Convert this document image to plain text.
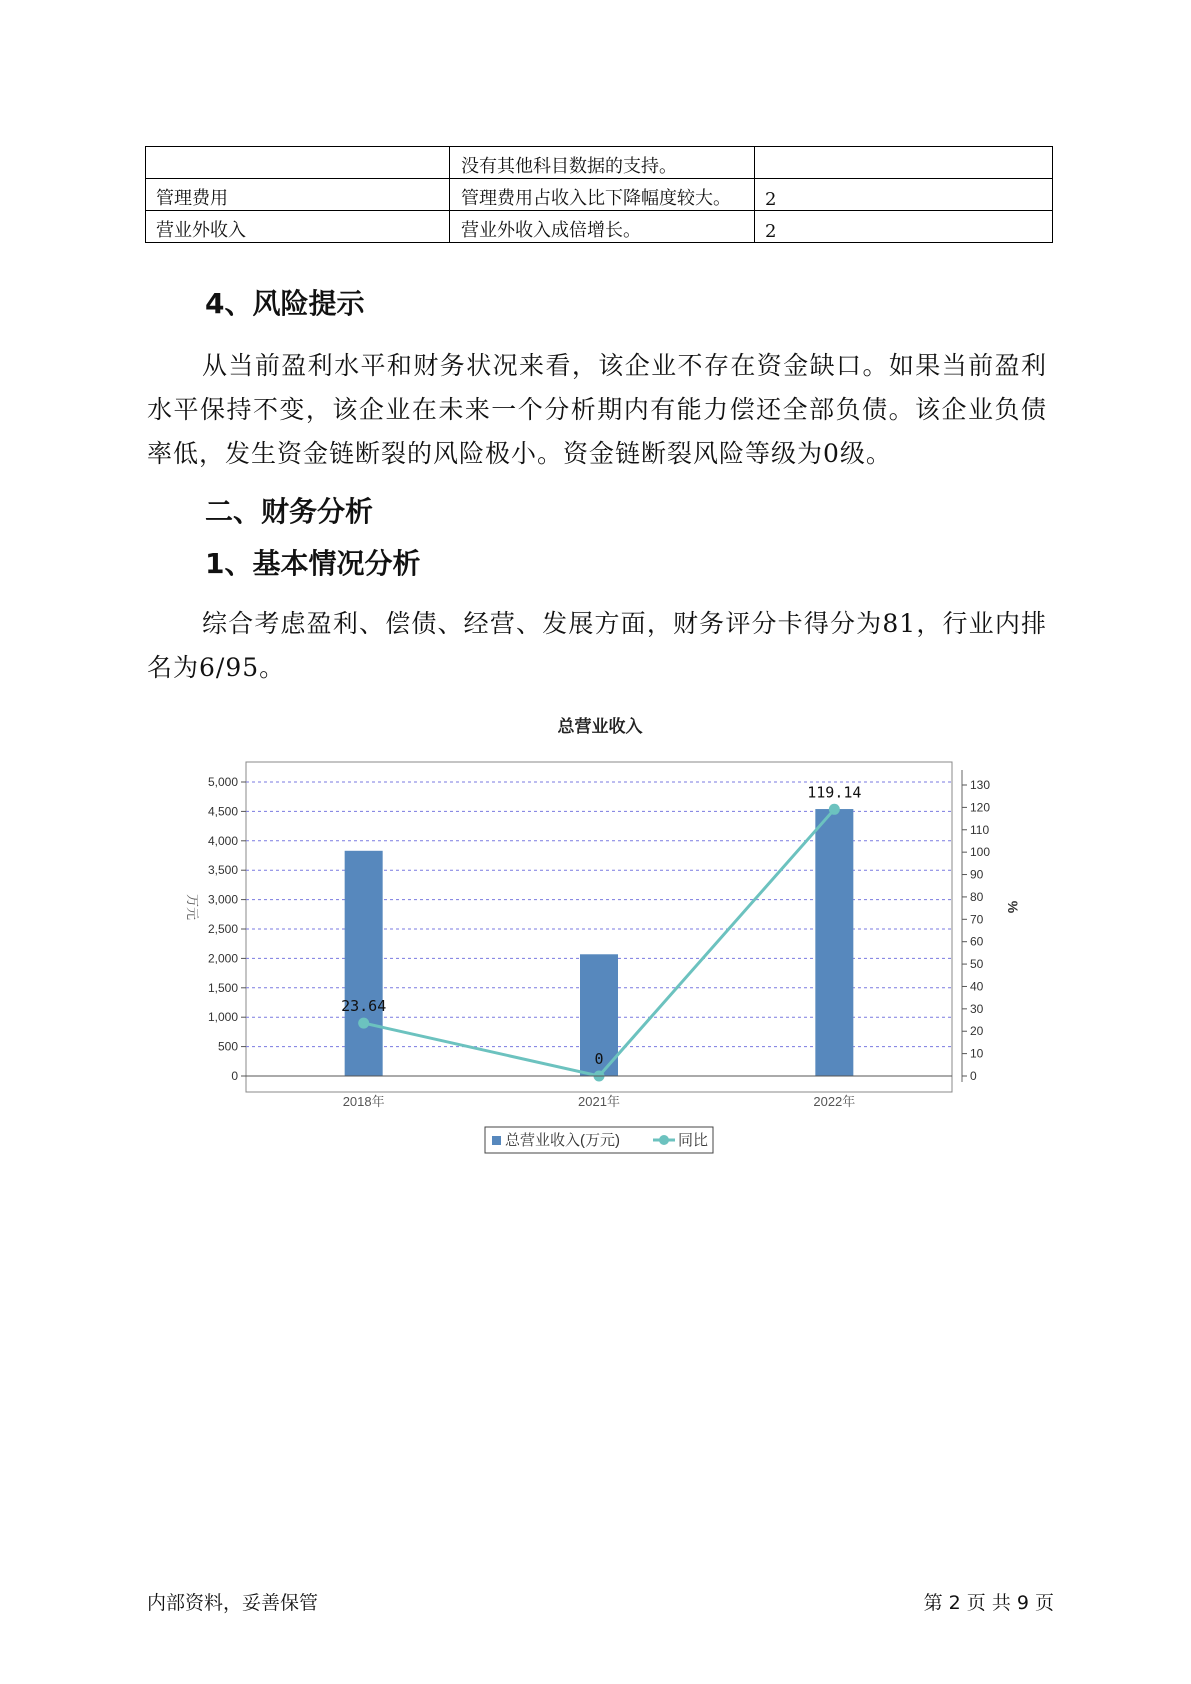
	没有其他科目数据的支持。	
管理费用	管理费用占收入比下降幅度较大。	2
营业外收入	营业外收入成倍增长。	2
4、风险提示

从当前盈利水平和财务状况来看，该企业不存在资金缺口。如果当前盈利水平保持不变，该企业在未来一个分析期内有能力偿还全部负债。该企业负债率低，发生资金链断裂的风险极小。资金链断裂风险等级为0级。

二、财务分析
1、基本情况分析

综合考虑盈利、偿债、经营、发展方面，财务评分卡得分为81，行业内排名为6/95。

总营业收入
0
500
1,000
1,500
2,000
2,500
3,000
3,500
4,000
4,500
5,000
0
10
20
30
40
50
60
70
80
90
100
110
120
130
23.64
0
119.14
2018年	2021年	2022年
万元	%
总营业收入(万元)	同比
内部资料，妥善保管	第 2 页 共 9 页
